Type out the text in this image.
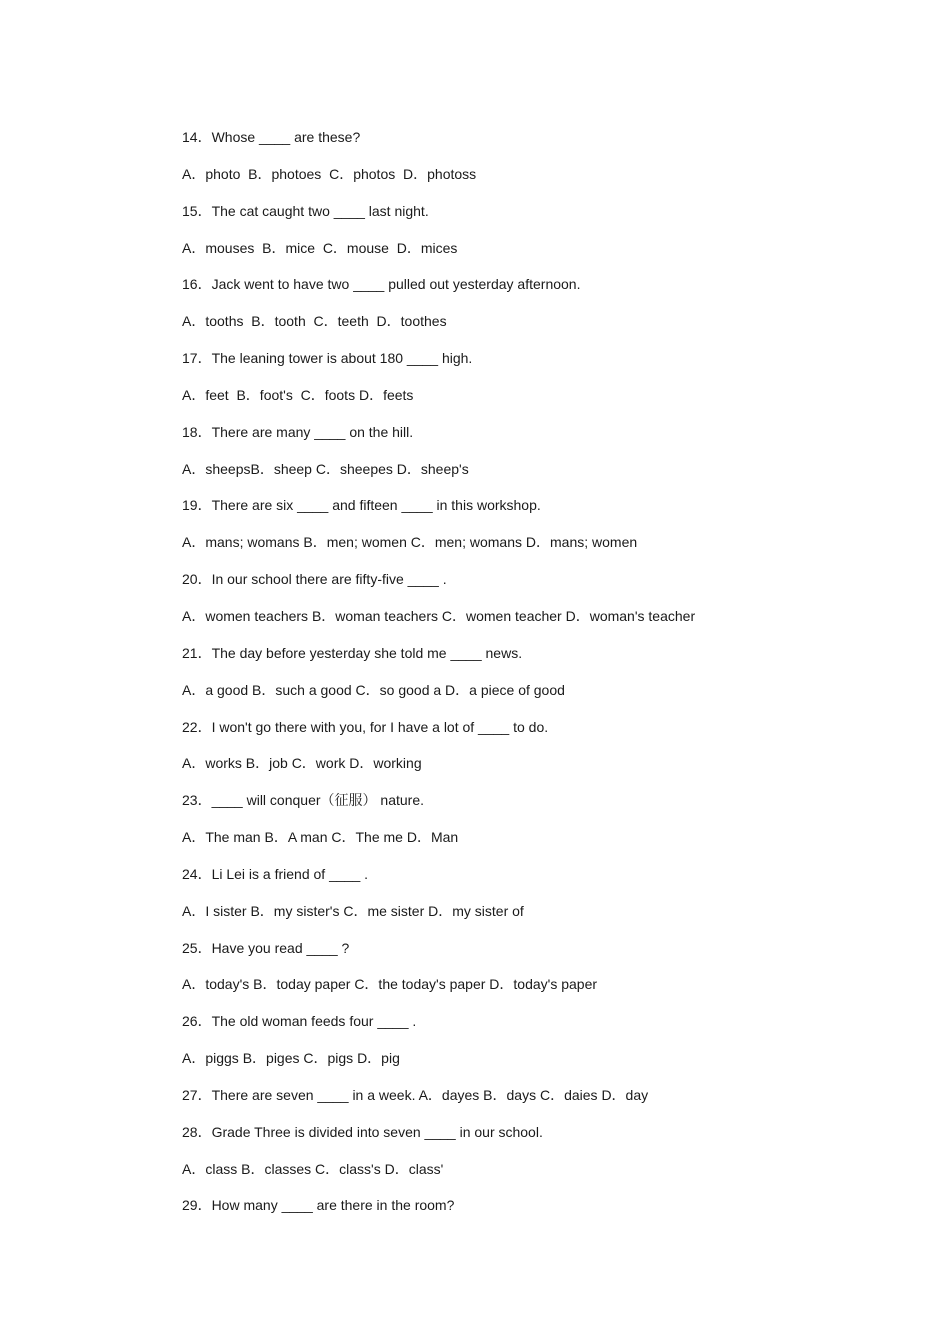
14．Whose ____ are these?
A．photo  B．photoes  C．photos  D．photoss
15．The cat caught two ____ last night.
A．mouses  B．mice  C．mouse  D．mices
16．Jack went to have two ____ pulled out yesterday afternoon.
A．tooths  B．tooth  C．teeth  D．toothes
17．The leaning tower is about 180 ____ high.
A．feet  B．foot's  C．foots D．feets
18．There are many ____ on the hill.
A．sheepsB．sheep C．sheepes D．sheep's
19．There are six ____ and fifteen ____ in this workshop.
A．mans; womans B．men; women C．men; womans D．mans; women
20．In our school there are fifty-five ____ .
A．women teachers B．woman teachers C．women teacher D．woman's teacher
21．The day before yesterday she told me ____ news.
A．a good B．such a good C．so good a D．a piece of good
22．I won't go there with you, for I have a lot of ____ to do.
A．works B．job C．work D．working
23．____ will conquer（征服） nature.
A．The man B．A man C．The me D．Man
24．Li Lei is a friend of ____ .
A．I sister B．my sister's C．me sister D．my sister of
25．Have you read ____ ?
A．today's B．today paper C．the today's paper D．today's paper
26．The old woman feeds four ____ .
A．piggs B．piges C．pigs D．pig
27．There are seven ____ in a week. A．dayes B．days C．daies D．day
28．Grade Three is divided into seven ____ in our school.
A．class B．classes C．class's D．class'
29．How many ____ are there in the room?
